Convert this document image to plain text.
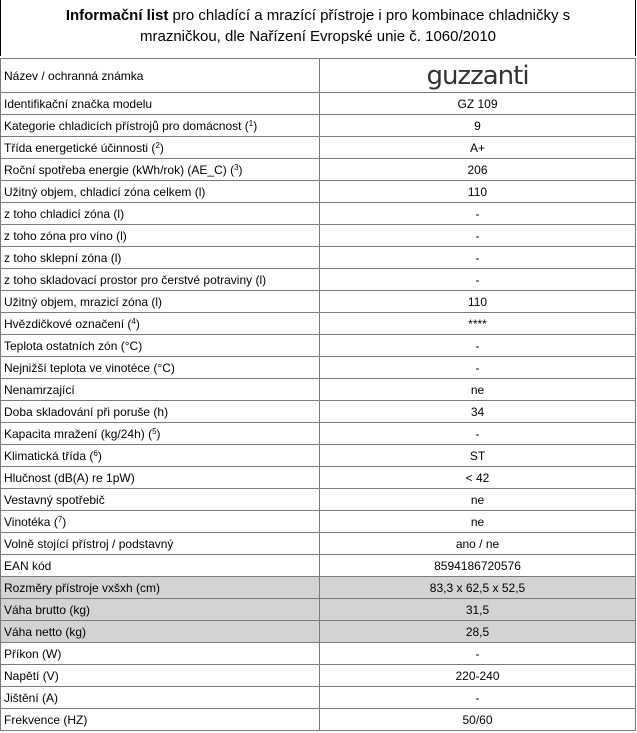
Informační list pro chladící a mrazící přístroje i pro kombinace chladničky s
mrazničkou, dle Nařízení Evropské unie č. 1060/2010
Název / ochranná známka	guzzanti
Identifikační značka modelu	GZ 109
Kategorie chladicích přístrojů pro domácnost ($^1$)	9
Třída energetické účinnosti ($^2$)	A+
Roční spotřeba energie (kWh/rok) (AE_C) ($^3$)	206
Užitný objem, chladicí zóna celkem (l)	110
z toho chladicí zóna (l)	-
z toho zóna pro víno (l)	-
z toho sklepní zóna (l)	-
z toho skladovací prostor pro čerstvé potraviny (l)	-
Užitný objem, mrazicí zóna (l)	110
Hvězdičkové označení ($^4$)	****
Teplota ostatních zón (°C)	-
Nejnižší teplota ve vinotéce (°C)	-
Nenamrzající	ne
Doba skladování při poruše (h)	34
Kapacita mražení (kg/24h) ($^5$)	-
Klimatická třída ($^6$)	ST
Hlučnost (dB(A) re 1pW)	< 42
Vestavný spotřebič	ne
Vinotéka ($^7$)	ne
Volně stojící přístroj / podstavný	ano / ne
EAN kód	8594186720576
Rozměry přístroje vxšxh (cm)	83,3 x 62,5 x 52,5
Váha brutto (kg)	31,5
Váha netto (kg)	28,5
Příkon (W)	-
Napětí (V)	220-240
Jištění (A)	-
Frekvence (HZ)	50/60
